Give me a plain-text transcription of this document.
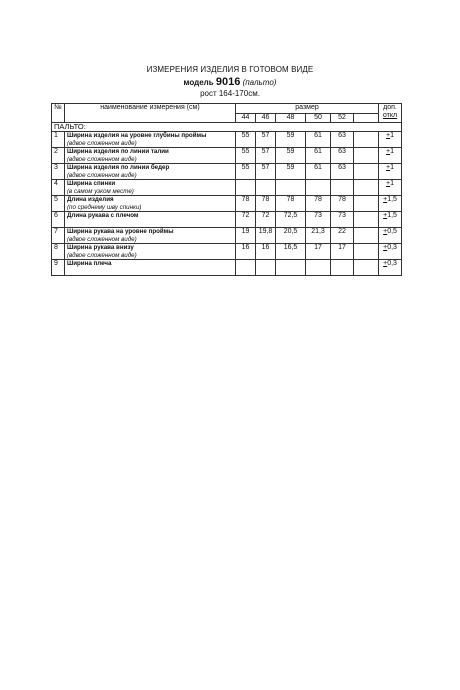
ИЗМЕРЕНИЯ ИЗДЕЛИЯ В ГОТОВОМ ВИДЕ
модель 9016 (пальто)
рост 164-170см.
№	наименование измерения (см)	размер						доп.
откл

		44	46	48	50	52		
ПАЛЬТО:								
1	Ширина изделия на уровне глубины проймы
(вдвое сложенном виде)	55	57	59	61	63		+1
2	Ширина изделия по линии талии
(вдвое сложенном виде)	55	57	59	61	63		+1
3	Ширина изделия по линии бедер
(вдвое сложенном виде)	55	57	59	61	63		+1
4	Ширина спинки
(в самом узком месте)							+1
5	Длина изделия
(по среднему шву спинки)	78	78	78	78	78		+1,5
6	Длина рукава с плечом	72	72	72,5	73	73		+1,5
7	Ширина рукава на уровне проймы
(вдвое сложенном виде)	19	19,8	20,5	21,3	22		+0,5
8	Ширина рукава внизу
(вдвое сложенном виде)	16	16	16,5	17	17		+0,3
9	Ширина плеча							+0,3
